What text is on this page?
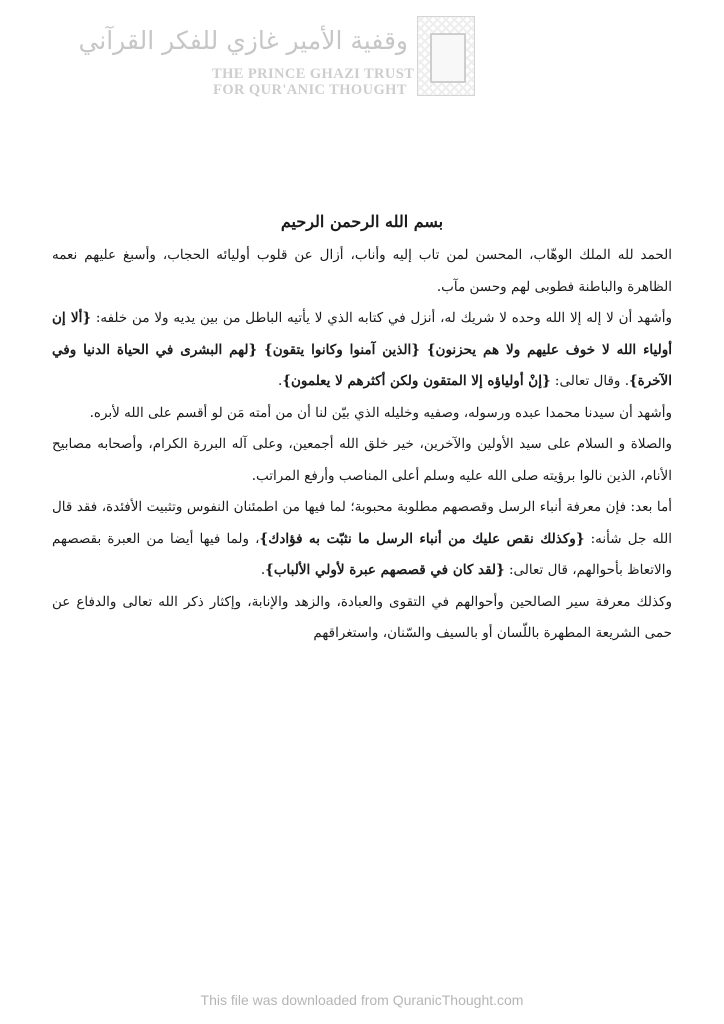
وقفية الأمير غازي للفكر القرآني
THE PRINCE GHAZI TRUST
FOR QUR'ANIC THOUGHT
بسم الله الرحمن الرحيم

الحمد لله الملك الوهّاب، المحسن لمن تاب إليه وأناب، أزال عن قلوب أوليائه الحجاب، وأسبغ عليهم نعمه الظاهرة والباطنة فطوبى لهم وحسن مآب.

وأشهد أن لا إله إلا الله وحده لا شريك له، أنزل في كتابه الذي لا يأتيه الباطل من بين يديه ولا من خلفه: {ألا إن أولياء الله لا خوف عليهم ولا هم يحزنون} {الذين آمنوا وكانوا يتقون} {لهم البشرى في الحياة الدنيا وفي الآخرة}. وقال تعالى: {إنْ أولياؤه إلا المتقون ولكن أكثرهم لا يعلمون}.

وأشهد أن سيدنا محمدا عبده ورسوله، وصفيه وخليله الذي بيّن لنا أن من أمته مَن لو أقسم على الله لأبره.

والصلاة و السلام على سيد الأولين والآخرين، خير خلق الله أجمعين، وعلى آله البررة الكرام، وأصحابه مصابيح الأنام، الذين نالوا برؤيته صلى الله عليه وسلم أعلى المناصب وأرفع المراتب.

أما بعد: فإن معرفة أنباء الرسل وقصصهم مطلوبة محبوبة؛ لما فيها من اطمئنان النفوس وتثبيت الأفئدة، فقد قال الله جل شأنه: {وكذلك نقص عليك من أنباء الرسل ما نثبّت به فؤادك}، ولما فيها أيضا من العبرة بقصصهم والاتعاظ بأحوالهم، قال تعالى: {لقد كان في قصصهم عبرة لأولي الألباب}.

وكذلك معرفة سير الصالحين وأحوالهم في التقوى والعبادة، والزهد والإنابة، وإكثار ذكر الله تعالى والدفاع عن حمى الشريعة المطهرة باللّسان أو بالسيف والسّنان، واستغراقهم

This file was downloaded from QuranicThought.com
